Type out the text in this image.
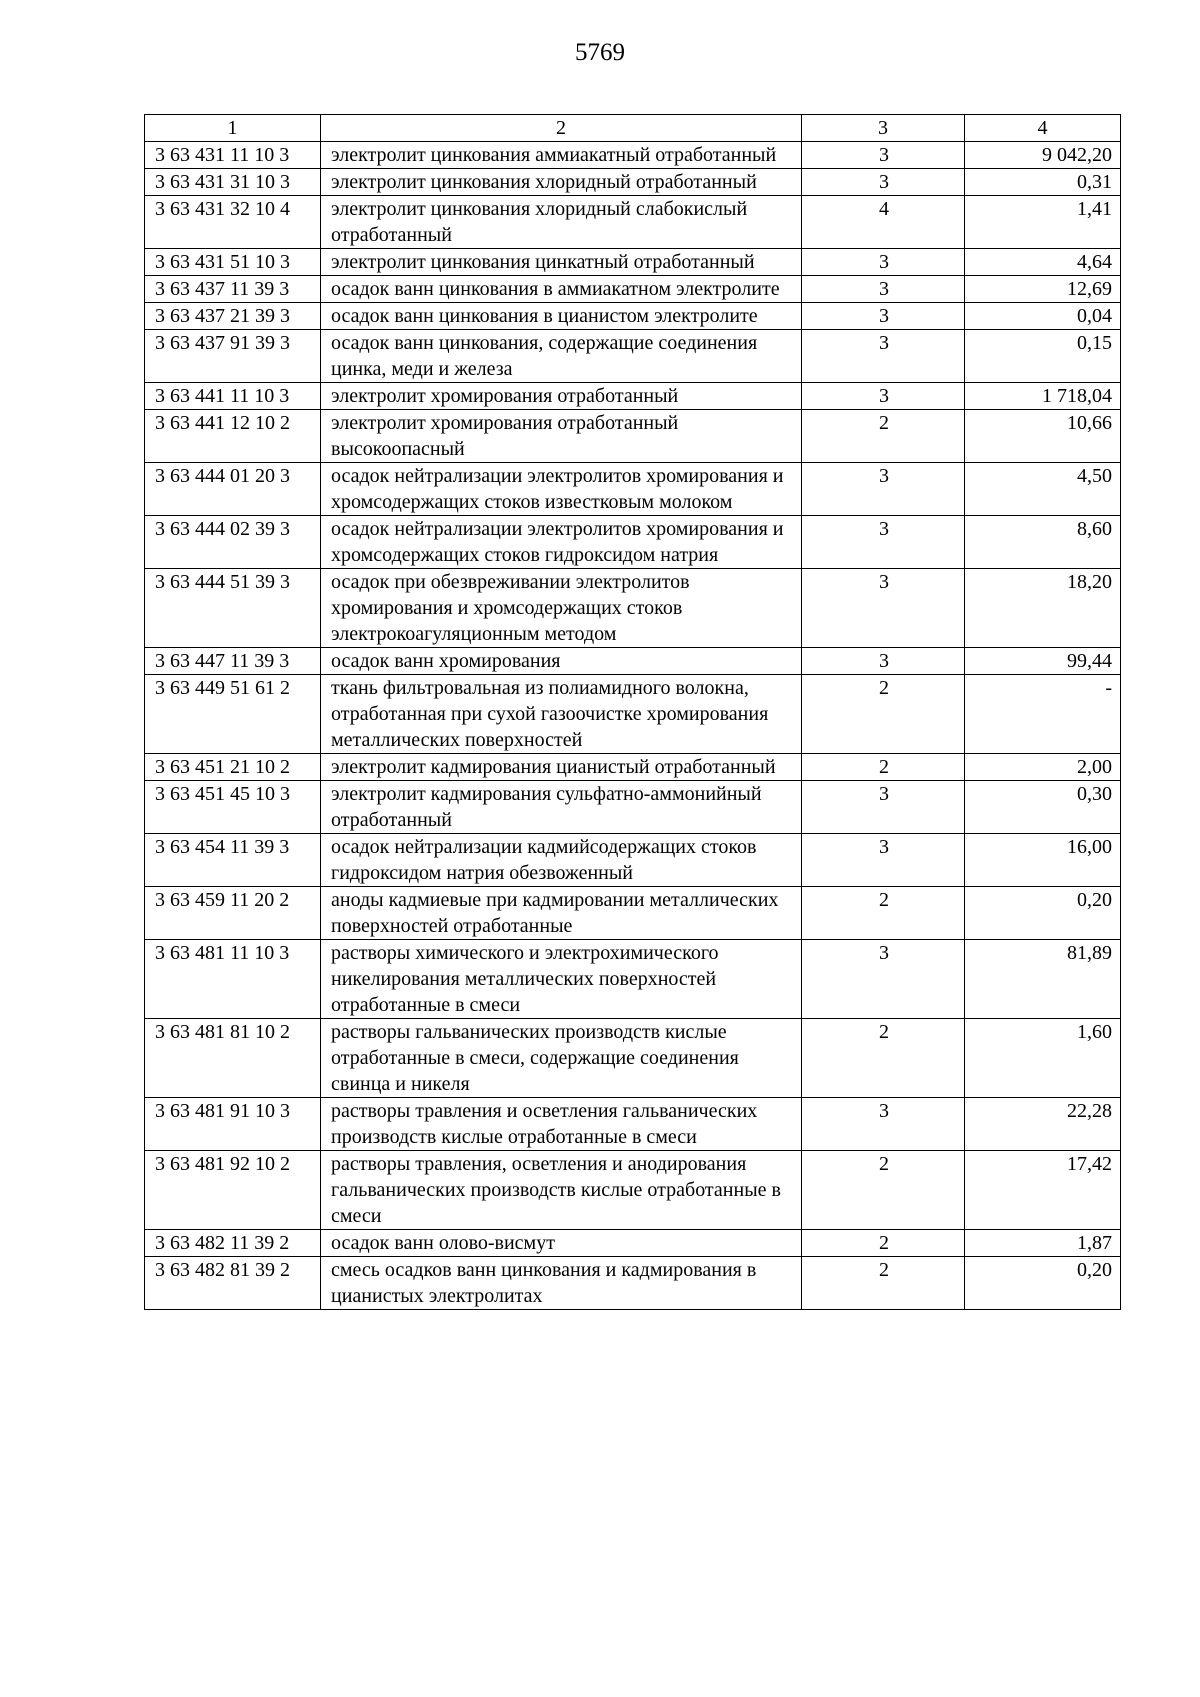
5769
1	2	3	4
3 63 431 11 10 3	электролит цинкования аммиакатный отработанный	3	9 042,20
3 63 431 31 10 3	электролит цинкования хлоридный отработанный	3	0,31
3 63 431 32 10 4	электролит цинкования хлоридный слабокислый отработанный	4	1,41
3 63 431 51 10 3	электролит цинкования цинкатный отработанный	3	4,64
3 63 437 11 39 3	осадок ванн цинкования в аммиакатном электролите	3	12,69
3 63 437 21 39 3	осадок ванн цинкования в цианистом электролите	3	0,04
3 63 437 91 39 3	осадок ванн цинкования, содержащие соединения цинка, меди и железа	3	0,15
3 63 441 11 10 3	электролит хромирования отработанный	3	1 718,04
3 63 441 12 10 2	электролит хромирования отработанный высокоопасный	2	10,66
3 63 444 01 20 3	осадок нейтрализации электролитов хромирования и хромсодержащих стоков известковым молоком	3	4,50
3 63 444 02 39 3	осадок нейтрализации электролитов хромирования и хромсодержащих стоков гидроксидом натрия	3	8,60
3 63 444 51 39 3	осадок при обезвреживании электролитов хромирования и хромсодержащих стоков электрокоагуляционным методом	3	18,20
3 63 447 11 39 3	осадок ванн хромирования	3	99,44
3 63 449 51 61 2	ткань фильтровальная из полиамидного волокна, отработанная при сухой газоочистке хромирования металлических поверхностей	2	-
3 63 451 21 10 2	электролит кадмирования цианистый отработанный	2	2,00
3 63 451 45 10 3	электролит кадмирования сульфатно-аммонийный отработанный	3	0,30
3 63 454 11 39 3	осадок нейтрализации кадмийсодержащих стоков гидроксидом натрия обезвоженный	3	16,00
3 63 459 11 20 2	аноды кадмиевые при кадмировании металлических поверхностей отработанные	2	0,20
3 63 481 11 10 3	растворы химического и электрохимического никелирования металлических поверхностей отработанные в смеси	3	81,89
3 63 481 81 10 2	растворы гальванических производств кислые отработанные в смеси, содержащие соединения свинца и никеля	2	1,60
3 63 481 91 10 3	растворы травления и осветления гальванических производств кислые отработанные в смеси	3	22,28
3 63 481 92 10 2	растворы травления, осветления и анодирования гальванических производств кислые отработанные в смеси	2	17,42
3 63 482 11 39 2	осадок ванн олово-висмут	2	1,87
3 63 482 81 39 2	смесь осадков ванн цинкования и кадмирования в цианистых электролитах	2	0,20
